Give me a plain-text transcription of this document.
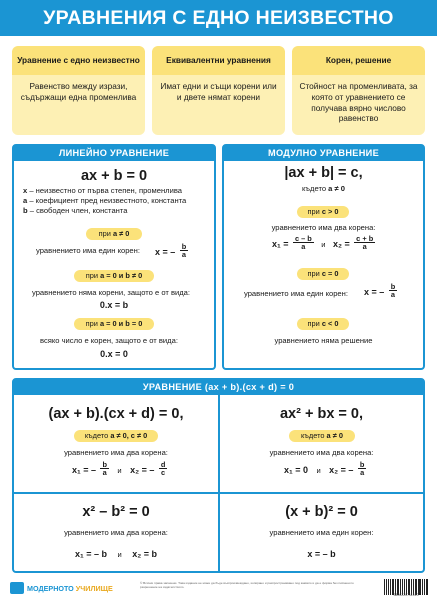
УРАВНЕНИЯ С ЕДНО НЕИЗВЕСТНО
Уравнение с едно неизвестно
Равенство между изрази, съдържащи една променлива
Еквивалентни уравнения
Имат едни и същи корени или и двете нямат корени
Корен, решение
Стойност на променливата, за която от уравнението се получава вярно числово равенство
ЛИНЕЙНО УРАВНЕНИЕ
ax + b = 0
x – неизвестно от първа степен, променлива
a – коефициент пред неизвестното, константа
b – свободен член, константа
при a ≠ 0
уравнението има един корен: x = – $\frac{b}{a}$
при a = 0 и b ≠ 0
уравнението няма корени, защото е от вида:
0.x = b
при a = 0 и b = 0
всяко число е корен, защото е от вида:
0.x = 0
МОДУЛНО УРАВНЕНИЕ
|ax + b| = c,
където a ≠ 0
при c > 0
уравнението има два корена:
$x_1 = \frac{c - b}{a}$ и $x_2 = \frac{c + b}{a}$
при c = 0
уравнението има един корен: x = – $\frac{b}{a}$
при c < 0
уравнението няма решение
УРАВНЕНИЕ (ax + b).(cx + d) = 0
(ax + b).(cx + d) = 0,
където a ≠ 0, c ≠ 0
уравнението има два корена:
x₁ = – $\frac{b}{a}$ и x₂ = – $\frac{d}{c}$
ax² + bx = 0,
където a ≠ 0
уравнението има два корена:
x₁ = 0 и x₂ = – $\frac{b}{a}$
x² – b² = 0
уравнението има два корена:
x₁ = – b и x₂ = b
(x + b)² = 0
уравнението има един корен:
x = – b
МОДЕРНОТО УЧИЛИЩЕ
© Всички права запазени. Това издание не може да бъде възпроизвеждано, копирано и разпространявано под каквато и да е форма без писменото разрешение на издателството.
3800220711510
